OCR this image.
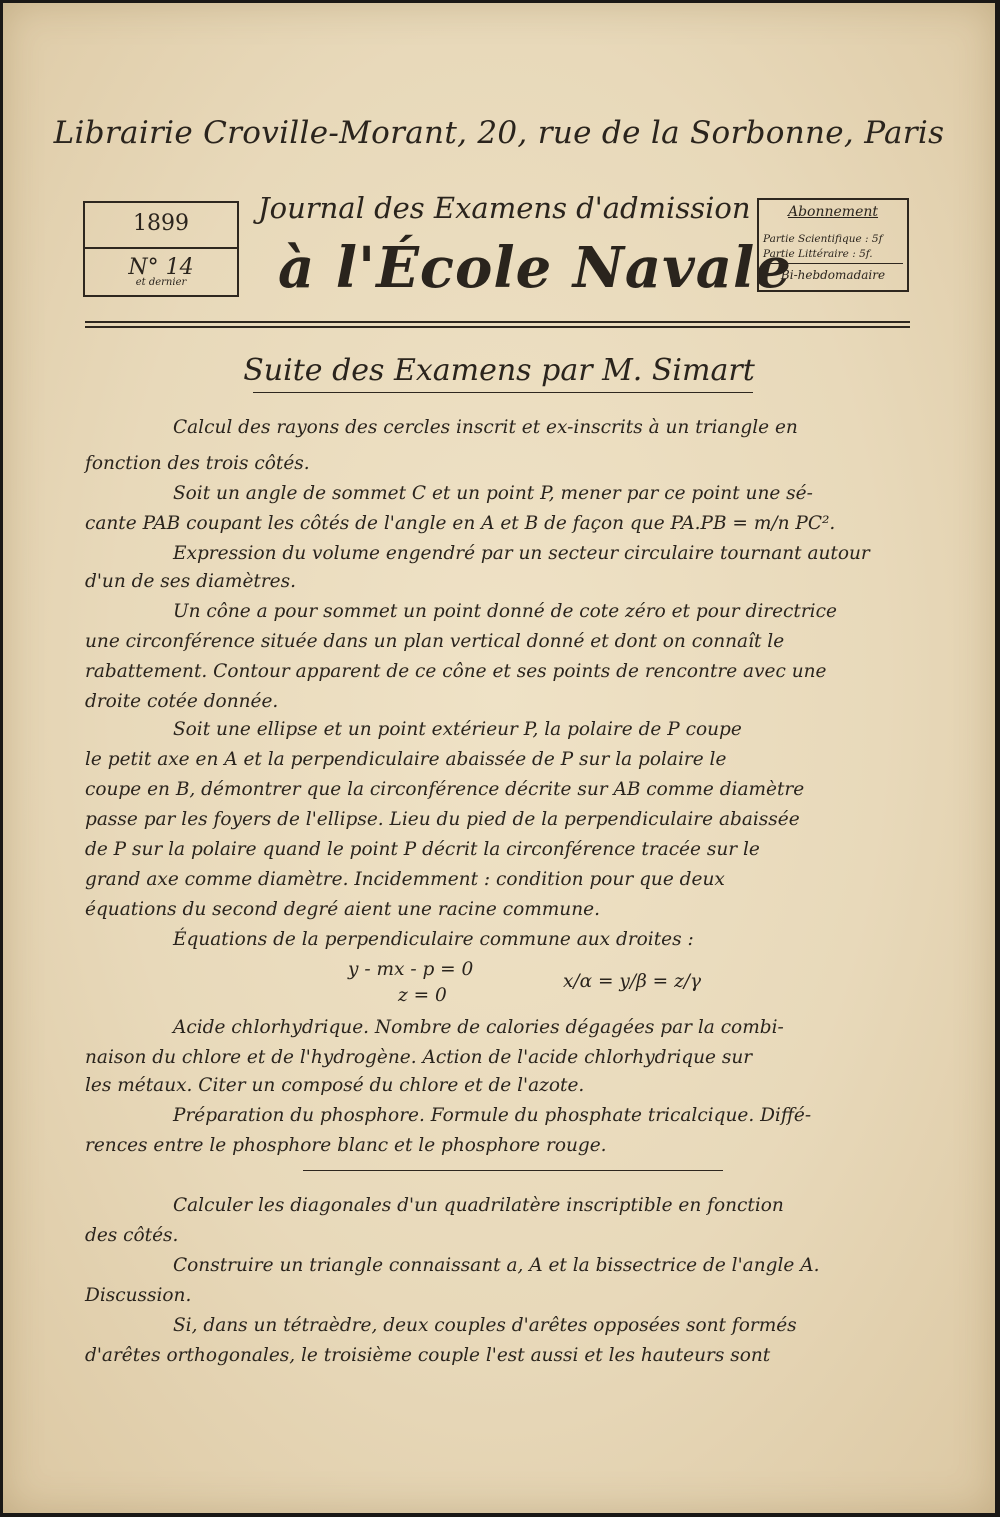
Librairie Croville-Morant, 20, rue de la Sorbonne, Paris
1899
N° 14
et dernier
Journal des Examens d'admission
à l'École Navale
Abonnement
Partie Scientifique : 5f
Partie Littéraire : 5f.
Bi-hebdomadaire
Suite des Examens par M. Simart
Calcul des rayons des cercles inscrit et ex-inscrits à un triangle en
fonction des trois côtés.
Soit un angle de sommet C et un point P, mener par ce point une sé-
cante PAB coupant les côtés de l'angle en A et B de façon que PA.PB = m/n PC².
Expression du volume engendré par un secteur circulaire tournant autour
d'un de ses diamètres.
Un cône a pour sommet un point donné de cote zéro et pour directrice
une circonférence située dans un plan vertical donné et dont on connaît le
rabattement. Contour apparent de ce cône et ses points de rencontre avec une
droite cotée donnée.
Soit une ellipse et un point extérieur P, la polaire de P coupe
le petit axe en A et la perpendiculaire abaissée de P sur la polaire le
coupe en B, démontrer que la circonférence décrite sur AB comme diamètre
passe par les foyers de l'ellipse. Lieu du pied de la perpendiculaire abaissée
de P sur la polaire quand le point P décrit la circonférence tracée sur le
grand axe comme diamètre. Incidemment : condition pour que deux
équations du second degré aient une racine commune.
Équations de la perpendiculaire commune aux droites :
y - mx - p = 0
z = 0
x/α = y/β = z/γ
Acide chlorhydrique. Nombre de calories dégagées par la combi-
naison du chlore et de l'hydrogène. Action de l'acide chlorhydrique sur
les métaux. Citer un composé du chlore et de l'azote.
Préparation du phosphore. Formule du phosphate tricalcique. Diffé-
rences entre le phosphore blanc et le phosphore rouge.
Calculer les diagonales d'un quadrilatère inscriptible en fonction
des côtés.
Construire un triangle connaissant a, A et la bissectrice de l'angle A.
Discussion.
Si, dans un tétraèdre, deux couples d'arêtes opposées sont formés
d'arêtes orthogonales, le troisième couple l'est aussi et les hauteurs sont
